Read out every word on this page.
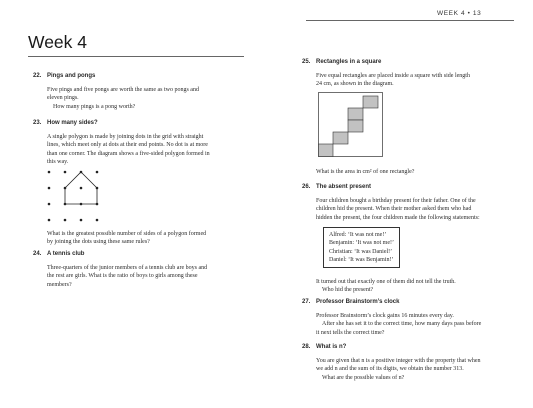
WEEK 4 • 13
Week 4
22. Pings and pongs
Five pings and five pongs are worth the same as two pongs and
eleven pings.
How many pings is a pong worth?
23. How many sides?
A single polygon is made by joining dots in the grid with straight
lines, which meet only at dots at their end points. No dot is at more
than one corner. The diagram shows a five-sided polygon formed in
this way.
What is the greatest possible number of sides of a polygon formed
by joining the dots using these same rules?
24. A tennis club
Three-quarters of the junior members of a tennis club are boys and
the rest are girls. What is the ratio of boys to girls among these
members?
25. Rectangles in a square
Five equal rectangles are placed inside a square with side length
24 cm, as shown in the diagram.
What is the area in cm² of one rectangle?
26. The absent present
Four children bought a birthday present for their father. One of the
children hid the present. When their mother asked them who had
hidden the present, the four children made the following statements:
Alfred: ‘It was not me!’
Benjamin: ‘It was not me!’
Christian: ‘It was Daniel!’
Daniel: ‘It was Benjamin!’
It turned out that exactly one of them did not tell the truth.
Who hid the present?
27. Professor Brainstorm’s clock
Professor Brainstorm’s clock gains 16 minutes every day.
After she has set it to the correct time, how many days pass before
it next tells the correct time?
28. What is n?
You are given that n is a positive integer with the property that when
we add n and the sum of its digits, we obtain the number 313.
What are the possible values of n?
